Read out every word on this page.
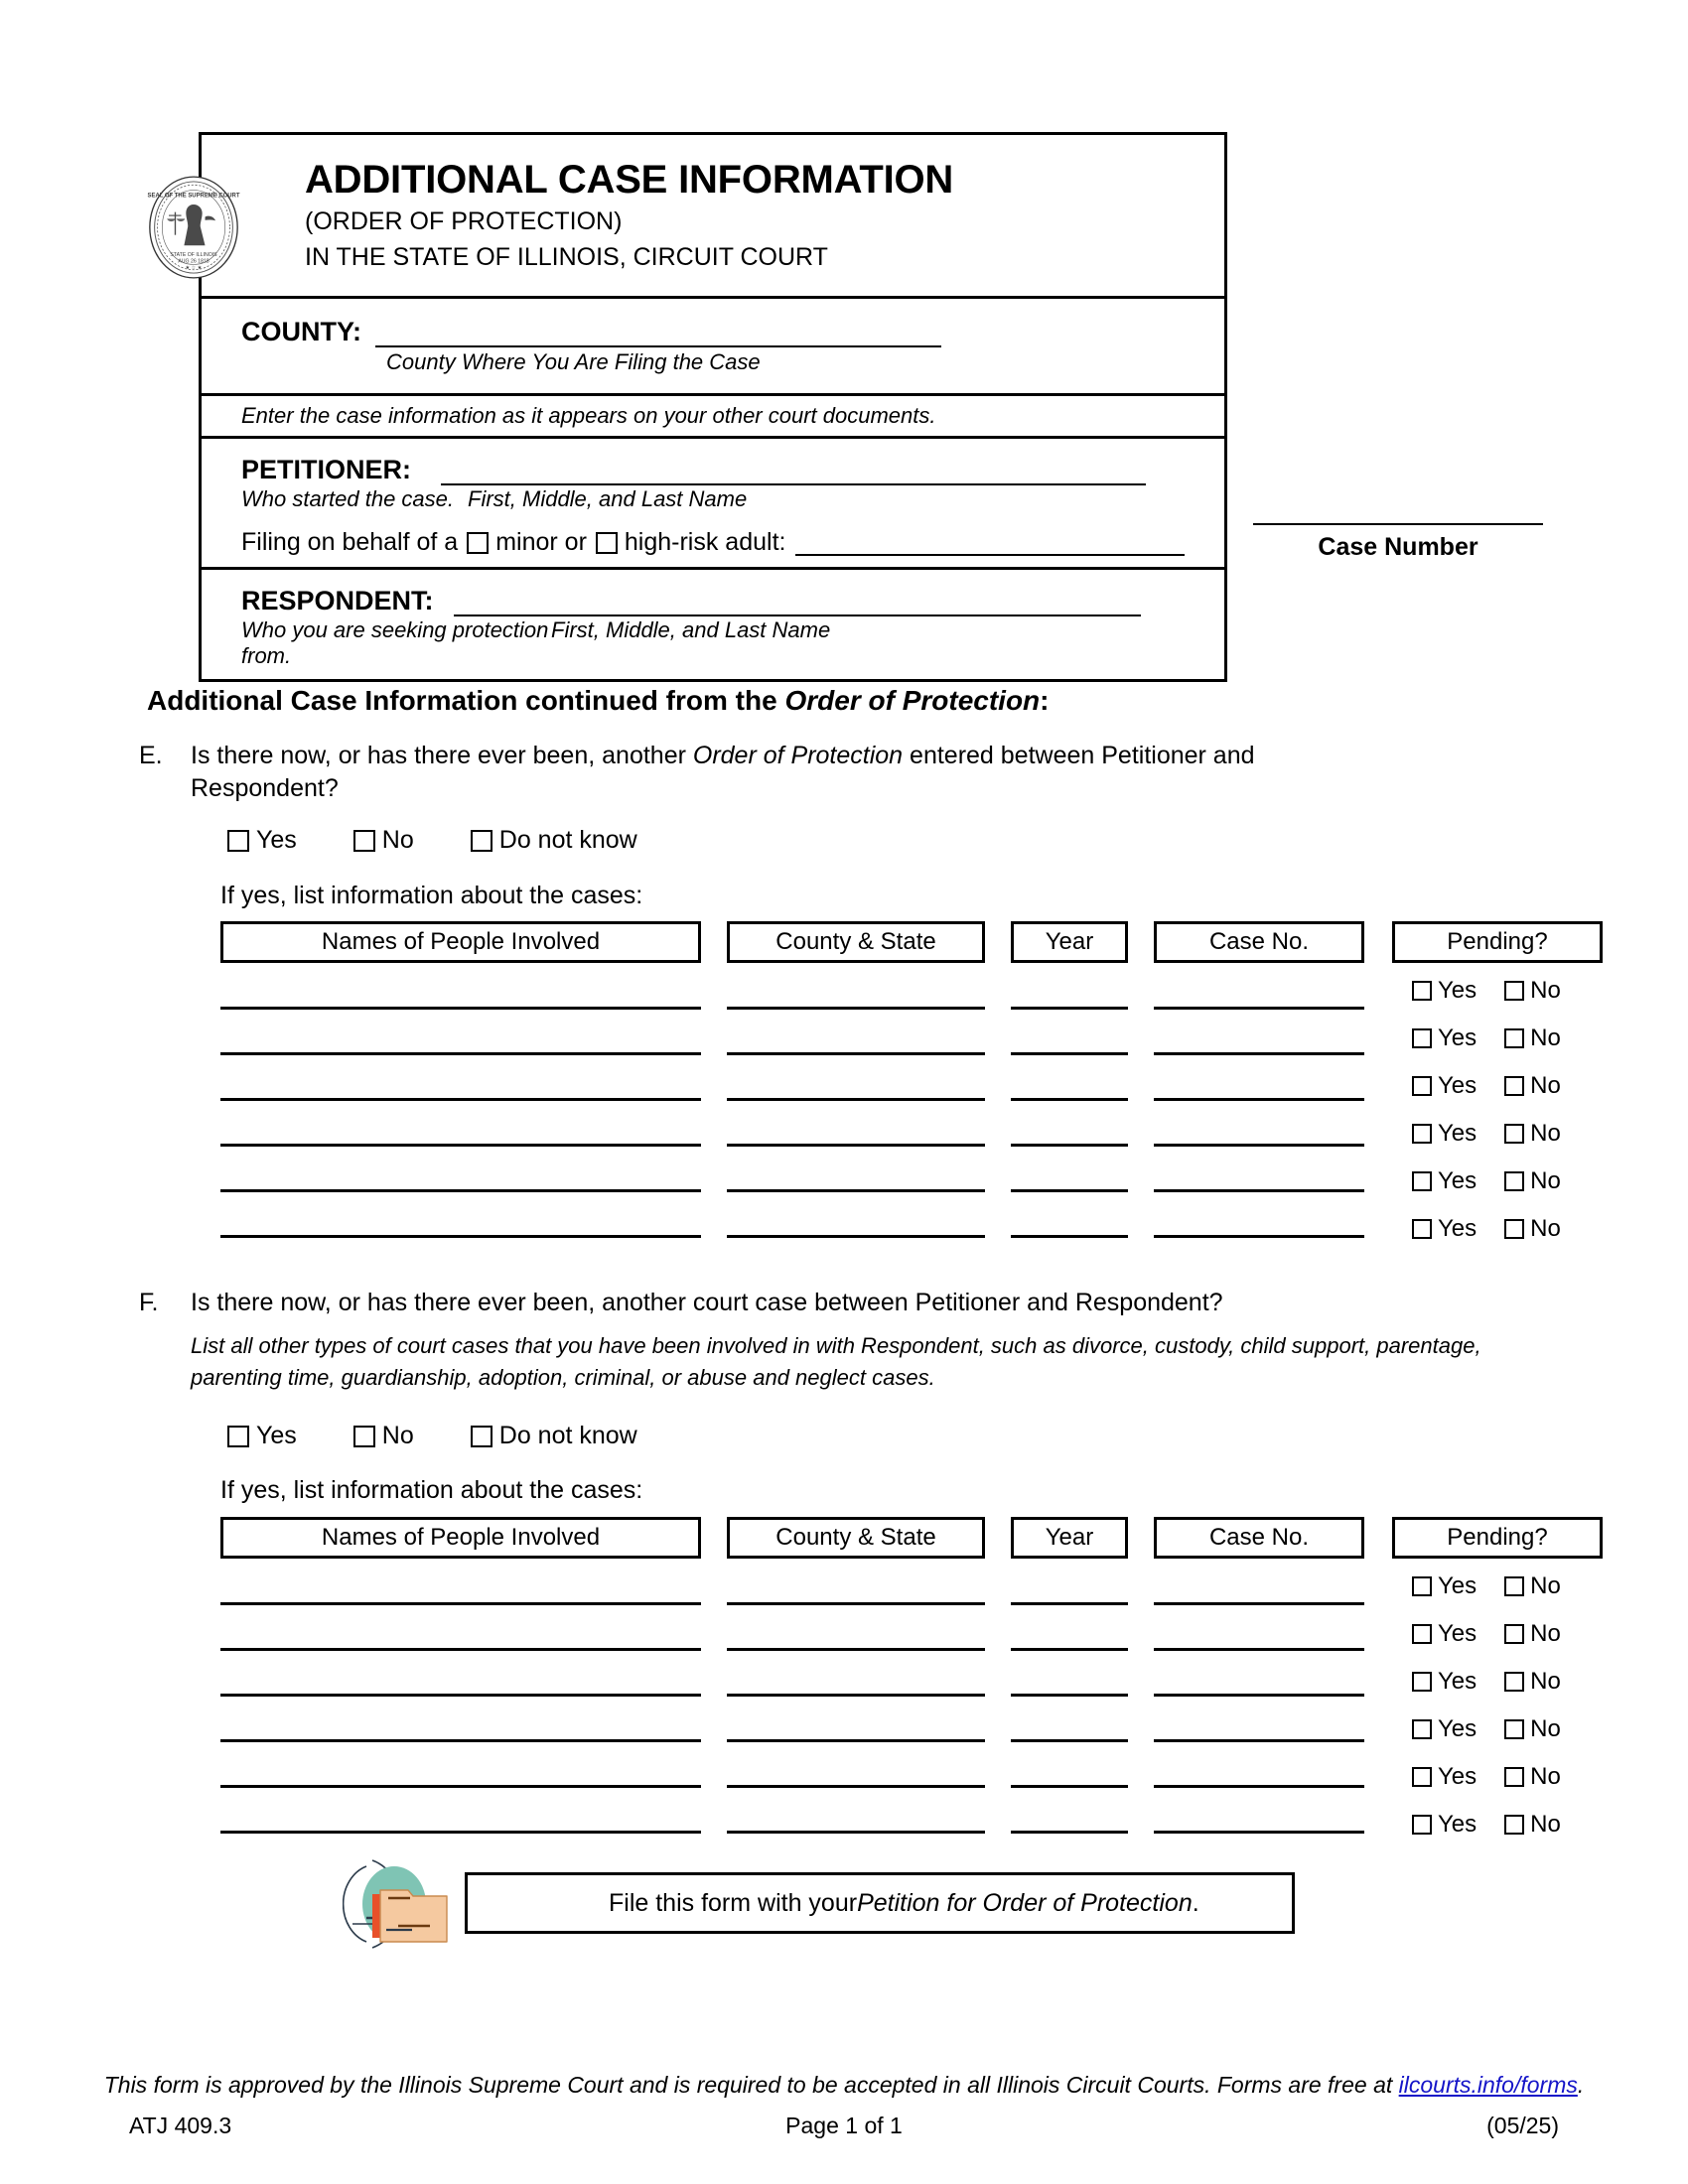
SEAL OF THE SUPREME COURT
STATE OF ILLINOIS
AUG 26 1818
★ ☆ ★
ADDITIONAL CASE INFORMATION
(ORDER OF PROTECTION)
IN THE STATE OF ILLINOIS, CIRCUIT COURT
COUNTY:
County Where You Are Filing the Case
Enter the case information as it appears on your other court documents.
PETITIONER:
Who started the case. First, Middle, and Last Name
Filing on behalf of a minor or high-risk adult:
RESPONDENT:
Who you are seeking protection from.
First, Middle, and Last Name
Case Number
Additional Case Information continued from the Order of Protection:
E.	Is there now, or has there ever been, another Order of Protection entered between Petitioner and Respondent?
Yes	No	Do not know
If yes, list information about the cases:
Names of People Involved	County & State	Year	Case No.	Pending?
Yes No
Yes No
Yes No
Yes No
Yes No
Yes No
F.	Is there now, or has there ever been, another court case between Petitioner and Respondent?
List all other types of court cases that you have been involved in with Respondent, such as divorce, custody, child support, parentage,
parenting time, guardianship, adoption, criminal, or abuse and neglect cases.
Yes	No	Do not know
If yes, list information about the cases:
Names of People Involved	County & State	Year	Case No.	Pending?
Yes No
Yes No
Yes No
Yes No
Yes No
Yes No
File this form with your Petition for Order of Protection .
This form is approved by the Illinois Supreme Court and is required to be accepted in all Illinois Circuit Courts. Forms are free at ilcourts.info/forms.
ATJ 409.3	Page 1 of 1	(05/25)
